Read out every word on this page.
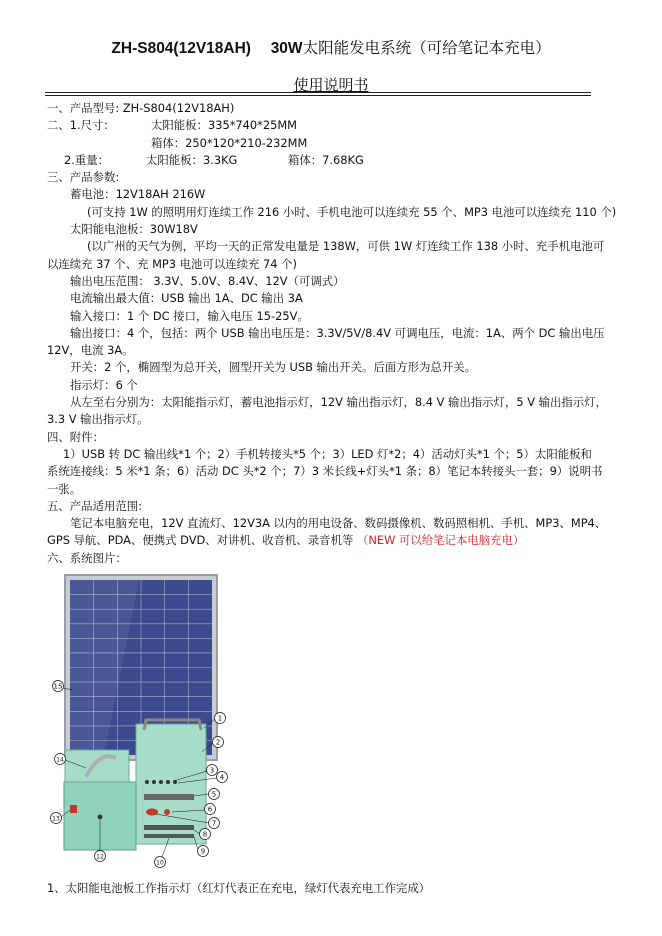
ZH-S804(12V18AH) 30W太阳能发电系统（可给笔记本充电）
使用说明书

一、产品型号: ZH-S804(12V18AH)

二、1.尺寸：	太阳能板：335*740*25MM

箱体：250*120*210-232MM

2.重量：	太阳能板：3.3KG	箱体：7.68KG

三、产品参数:

蓄电池：12V18AH 216W

(可支持 1W 的照明用灯连续工作 216 小时、手机电池可以连续充 55 个、MP3 电池可以连续充 110 个)

太阳能电池板：30W18V

(以广州的天气为例，平均一天的正常发电量是 138W，可供 1W 灯连续工作 138 小时、充手机电池可

以连续充 37 个、充 MP3 电池可以连续充 74 个)

输出电压范围： 3.3V、5.0V、8.4V、12V（可调式）

电流输出最大值：USB 输出 1A、DC 输出 3A

输入接口：1 个 DC 接口，输入电压 15-25V。

输出接口：4 个，包括：两个 USB 输出电压是：3.3V/5V/8.4V 可调电压，电流：1A、两个 DC 输出电压

12V，电流 3A。

开关：2 个，椭圆型为总开关，圆型开关为 USB 输出开关。后面方形为总开关。

指示灯：6 个

从左至右分别为：太阳能指示灯，蓄电池指示灯，12V 输出指示灯，8.4 V 输出指示灯，5 V 输出指示灯，

3.3 V 输出指示灯。

四、附件：

1）USB 转 DC 输出线*1 个；2）手机转接头*5 个；3）LED 灯*2；4）活动灯头*1 个；5）太阳能板和

系统连接线：5 米*1 条；6）活动 DC 头*2 个；7）3 米长线+灯头*1 条；8）笔记本转接头一套；9）说明书

一张。

五、产品适用范围:

笔记本电脑充电，12V 直流灯、12V3A 以内的用电设备、数码摄像机、数码照相机、手机、MP3、MP4、

GPS 导航、PDA、便携式 DVD、对讲机、收音机、录音机等 （NEW 可以给笔记本电脑充电）

六、系统图片：

15
1
2
3
4
5
6
7
8
9
10
12
13
14
1、太阳能电池板工作指示灯（红灯代表正在充电，绿灯代表充电工作完成）
